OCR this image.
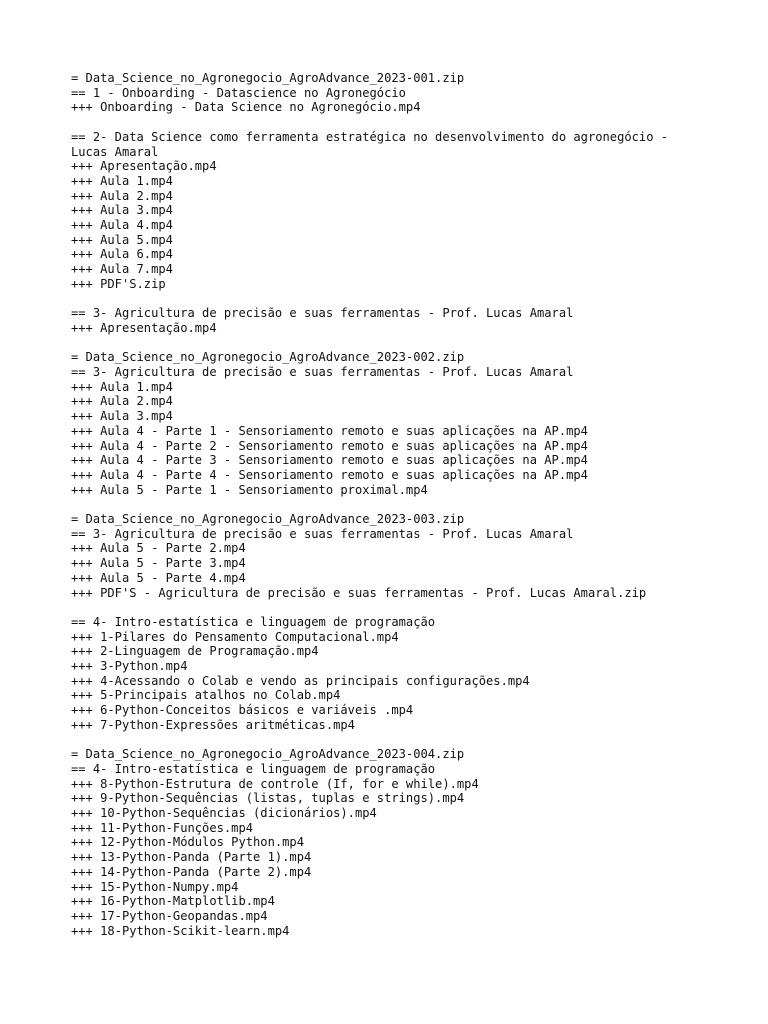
= Data_Science_no_Agronegocio_AgroAdvance_2023-001.zip
== 1 - Onboarding - Datascience no Agronegócio
+++ Onboarding - Data Science no Agronegócio.mp4
== 2- Data Science como ferramenta estratégica no desenvolvimento do agronegócio -
Lucas Amaral
+++ Apresentação.mp4
+++ Aula 1.mp4
+++ Aula 2.mp4
+++ Aula 3.mp4
+++ Aula 4.mp4
+++ Aula 5.mp4
+++ Aula 6.mp4
+++ Aula 7.mp4
+++ PDF'S.zip
== 3- Agricultura de precisão e suas ferramentas - Prof. Lucas Amaral
+++ Apresentação.mp4
= Data_Science_no_Agronegocio_AgroAdvance_2023-002.zip
== 3- Agricultura de precisão e suas ferramentas - Prof. Lucas Amaral
+++ Aula 1.mp4
+++ Aula 2.mp4
+++ Aula 3.mp4
+++ Aula 4 - Parte 1 - Sensoriamento remoto e suas aplicações na AP.mp4
+++ Aula 4 - Parte 2 - Sensoriamento remoto e suas aplicações na AP.mp4
+++ Aula 4 - Parte 3 - Sensoriamento remoto e suas aplicações na AP.mp4
+++ Aula 4 - Parte 4 - Sensoriamento remoto e suas aplicações na AP.mp4
+++ Aula 5 - Parte 1 - Sensoriamento proximal.mp4
= Data_Science_no_Agronegocio_AgroAdvance_2023-003.zip
== 3- Agricultura de precisão e suas ferramentas - Prof. Lucas Amaral
+++ Aula 5 - Parte 2.mp4
+++ Aula 5 - Parte 3.mp4
+++ Aula 5 - Parte 4.mp4
+++ PDF'S - Agricultura de precisão e suas ferramentas - Prof. Lucas Amaral.zip
== 4- Intro-estatística e linguagem de programação
+++ 1-Pilares do Pensamento Computacional.mp4
+++ 2-Linguagem de Programação.mp4
+++ 3-Python.mp4
+++ 4-Acessando o Colab e vendo as principais configurações.mp4
+++ 5-Principais atalhos no Colab.mp4
+++ 6-Python-Conceitos básicos e variáveis .mp4
+++ 7-Python-Expressões aritméticas.mp4
= Data_Science_no_Agronegocio_AgroAdvance_2023-004.zip
== 4- Intro-estatística e linguagem de programação
+++ 8-Python-Estrutura de controle (If, for e while).mp4
+++ 9-Python-Sequências (listas, tuplas e strings).mp4
+++ 10-Python-Sequências (dicionários).mp4
+++ 11-Python-Funções.mp4
+++ 12-Python-Módulos Python.mp4
+++ 13-Python-Panda (Parte 1).mp4
+++ 14-Python-Panda (Parte 2).mp4
+++ 15-Python-Numpy.mp4
+++ 16-Python-Matplotlib.mp4
+++ 17-Python-Geopandas.mp4
+++ 18-Python-Scikit-learn.mp4
